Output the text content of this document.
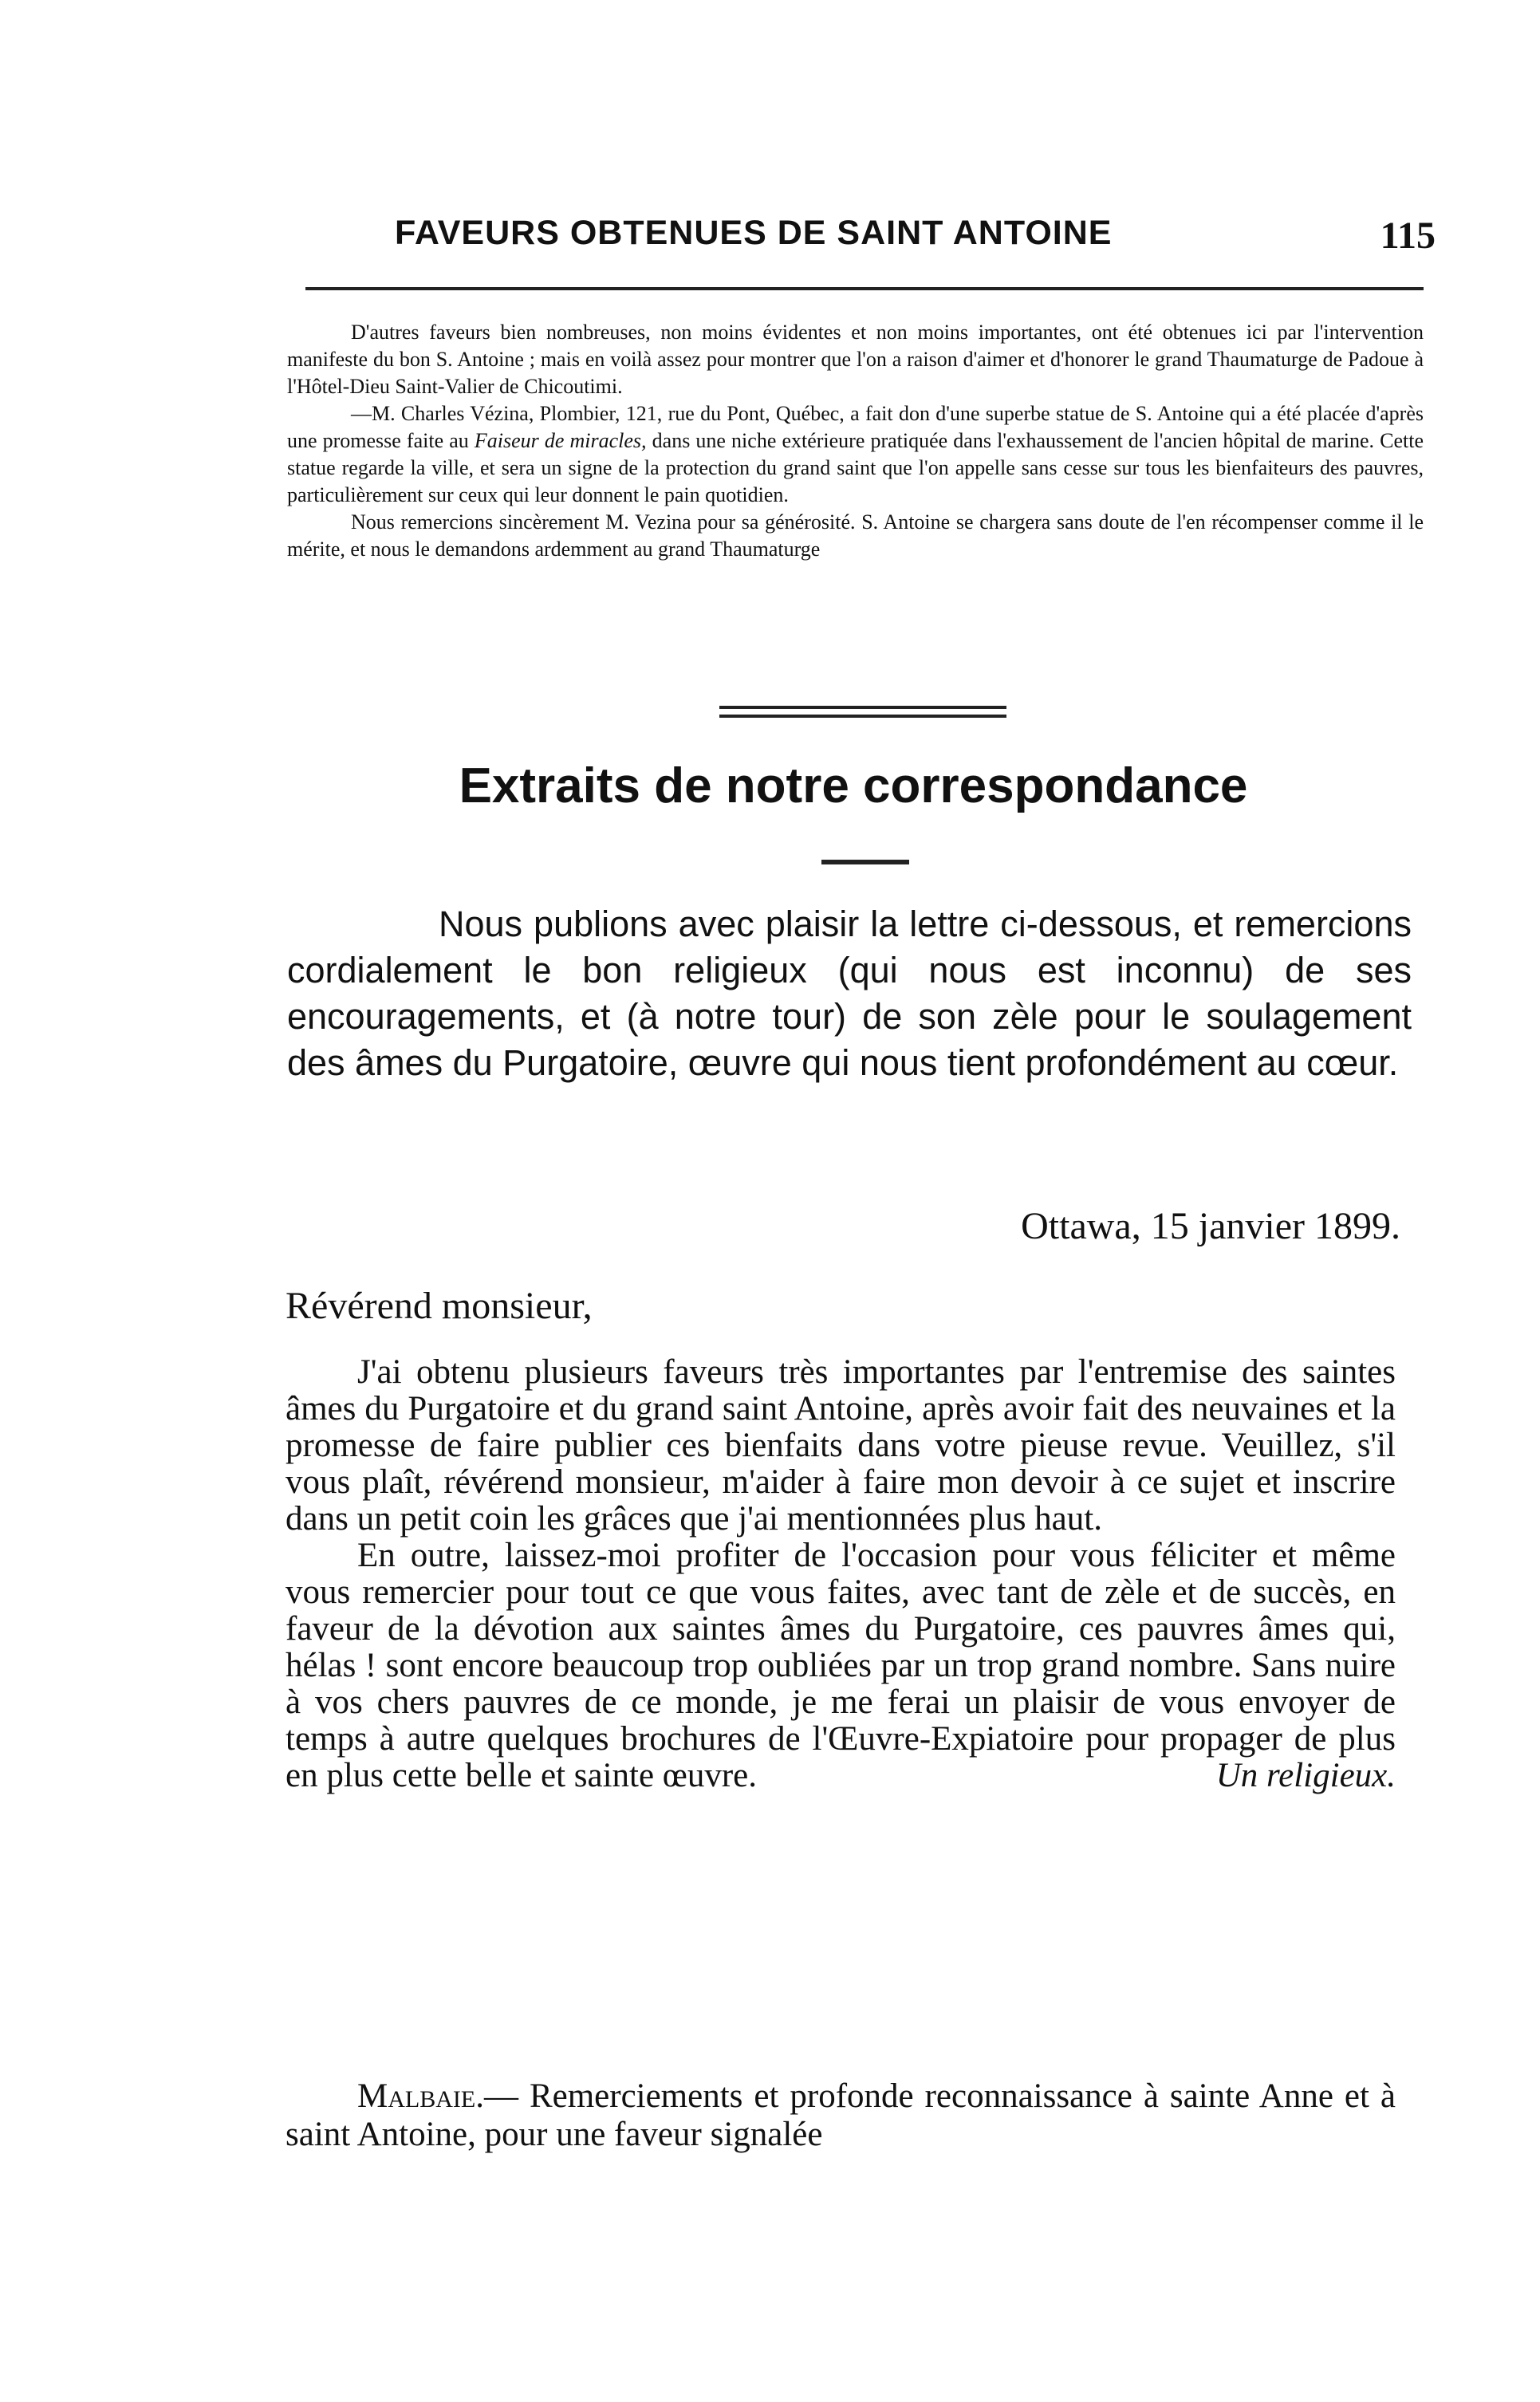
FAVEURS OBTENUES DE SAINT ANTOINE	115

D'autres faveurs bien nombreuses, non moins évidentes et non moins importantes, ont été obtenues ici par l'intervention manifeste du bon S. Antoine ; mais en voilà assez pour montrer que l'on a raison d'aimer et d'honorer le grand Thaumaturge de Padoue à l'Hôtel-Dieu Saint-Valier de Chicoutimi.

—M. Charles Vézina, Plombier, 121, rue du Pont, Québec, a fait don d'une superbe statue de S. Antoine qui a été placée d'après une promesse faite au Faiseur de miracles, dans une niche extérieure pratiquée dans l'exhaussement de l'ancien hôpital de marine. Cette statue regarde la ville, et sera un signe de la protection du grand saint que l'on appelle sans cesse sur tous les bienfaiteurs des pauvres, particulièrement sur ceux qui leur donnent le pain quotidien.

Nous remercions sincèrement M. Vezina pour sa générosité. S. Antoine se chargera sans doute de l'en récompenser comme il le mérite, et nous le demandons ardemment au grand Thaumaturge

Extraits de notre correspondance

Nous publions avec plaisir la lettre ci-dessous, et remercions cordialement le bon religieux (qui nous est inconnu) de ses encouragements, et (à notre tour) de son zèle pour le soulagement des âmes du Purgatoire, œuvre qui nous tient profondément au cœur.

Ottawa, 15 janvier 1899.
Révérend monsieur,

J'ai obtenu plusieurs faveurs très importantes par l'entremise des saintes âmes du Purgatoire et du grand saint Antoine, après avoir fait des neuvaines et la promesse de faire publier ces bienfaits dans votre pieuse revue. Veuillez, s'il vous plaît, révérend monsieur, m'aider à faire mon devoir à ce sujet et inscrire dans un petit coin les grâces que j'ai mentionnées plus haut.

En outre, laissez-moi profiter de l'occasion pour vous féliciter et même vous remercier pour tout ce que vous faites, avec tant de zèle et de succès, en faveur de la dévotion aux saintes âmes du Purgatoire, ces pauvres âmes qui, hélas ! sont encore beaucoup trop oubliées par un trop grand nombre. Sans nuire à vos chers pauvres de ce monde, je me ferai un plaisir de vous envoyer de temps à autre quelques brochures de l'Œuvre-Expiatoire pour propager de plus en plus cette belle et sainte œuvre.	Un religieux.

Malbaie.— Remerciements et profonde reconnaissance à sainte Anne et à saint Antoine, pour une faveur signalée
